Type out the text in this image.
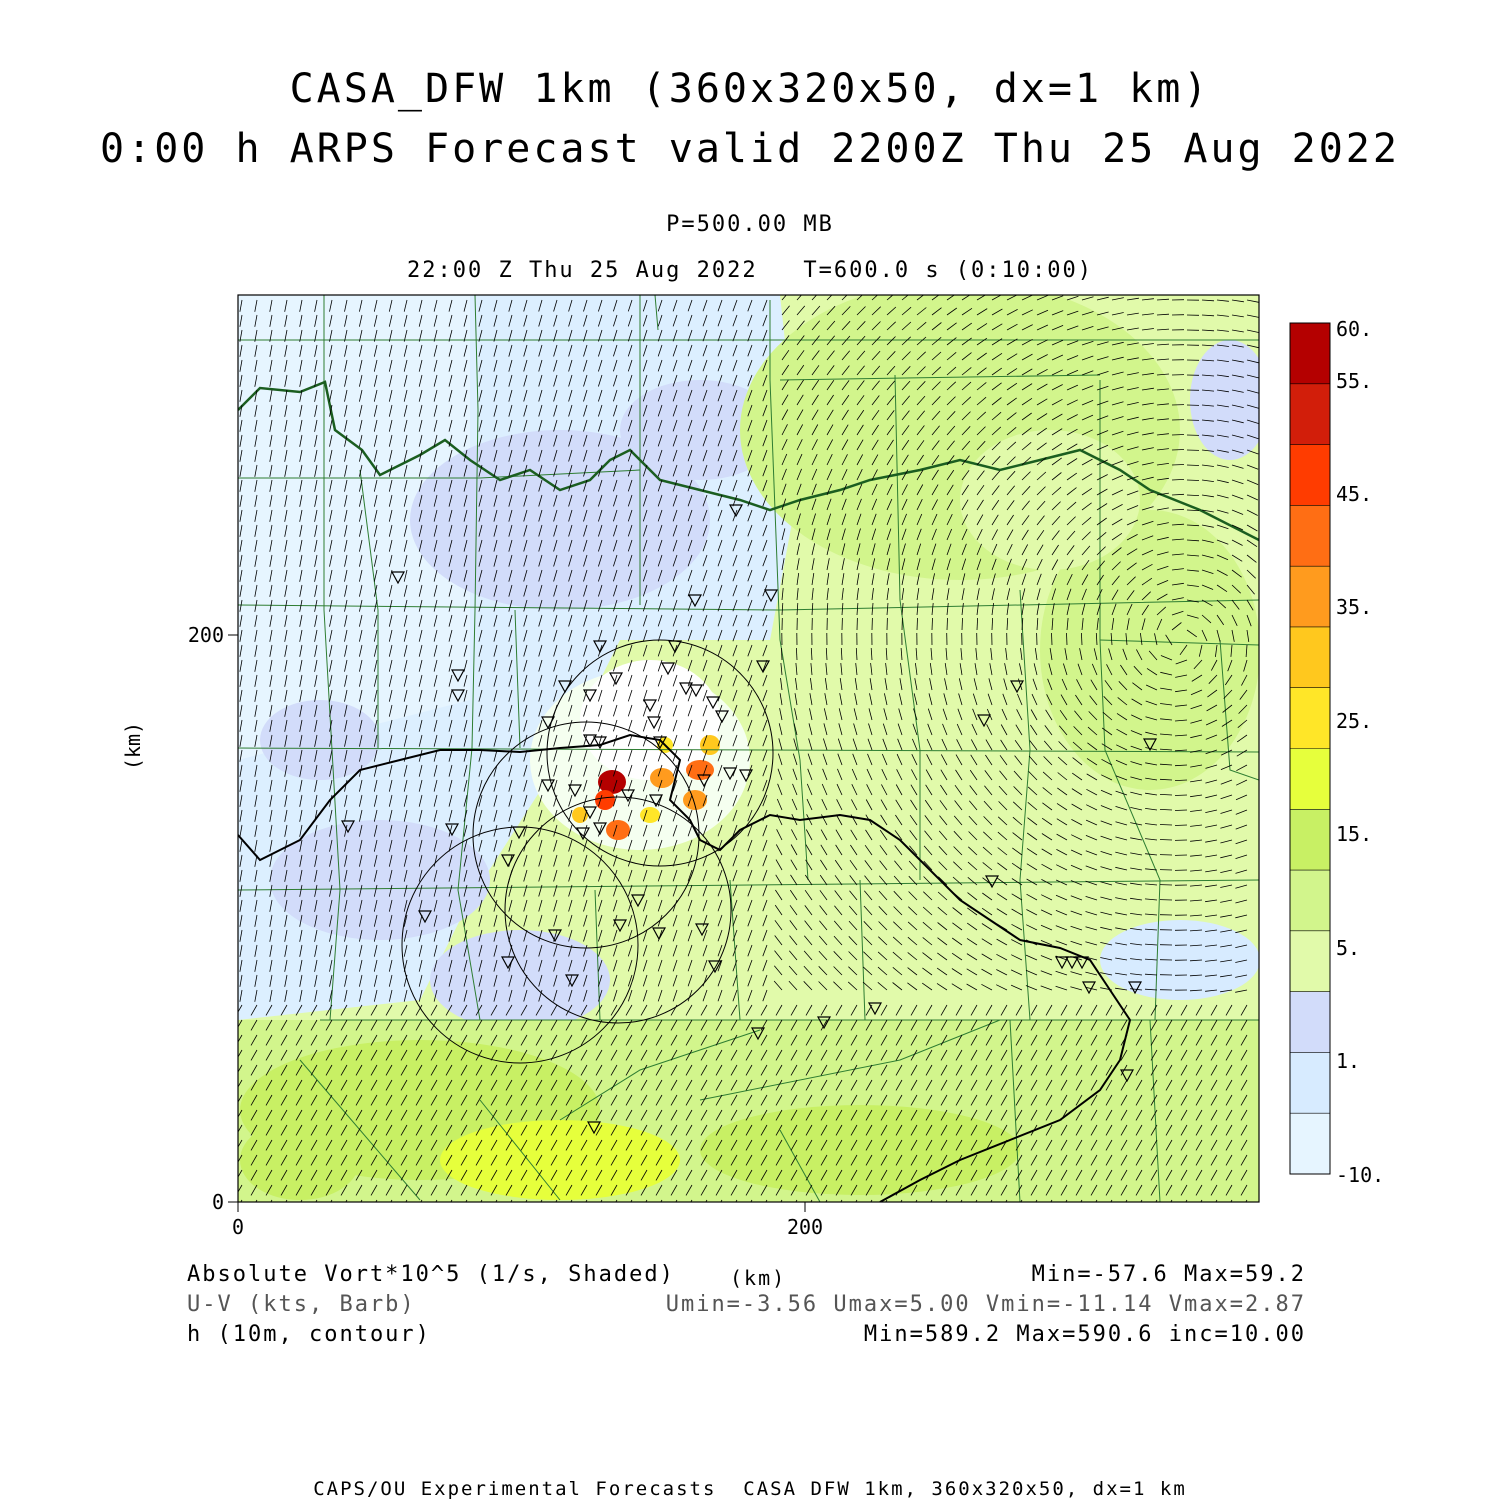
CASA_DFW 1km (360x320x50, dx=1 km)
0:00 h ARPS Forecast valid 2200Z Thu 25 Aug 2022
P=500.00 MB
22:00 Z Thu 25 Aug 2022   T=600.0 s (0:10:00)
0	200
0
200
(km)
60.
55.
45.
35.
25.
15.
5.
1.
-10.
Absolute Vort*10^5 (1/s, Shaded)
U-V (kts, Barb)
h (10m, contour)
(km)	Min=-57.6 Max=59.2
Umin=-3.56 Umax=5.00 Vmin=-11.14 Vmax=2.87
Min=589.2 Max=590.6 inc=10.00
CAPS/OU Experimental Forecasts  CASA DFW 1km, 360x320x50, dx=1 km
